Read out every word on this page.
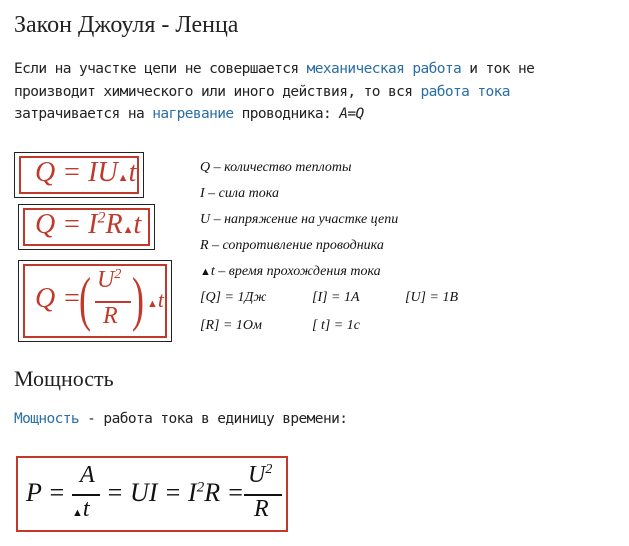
Закон Джоуля - Ленца
Если на участке цепи не совершается механическая работа и ток не производит химического или иного действия, то вся работа тока затрачивается на нагревание проводника: A=Q
Q = IU▲t
$Q = I^2R▲t$
Q =
( $U^2$
R ) ▲t
Q – количество теплоты
I – сила тока
U – напряжение на участке цепи
R – сопротивление проводника
▲t – время прохождения тока
[Q] = 1Дж	[I] = 1A	[U] = 1B
[R] = 1Ом	[ t] = 1c
Мощность
Мощность - работа тока в единицу времени:
P =
A
▲t
= UI = $I^2R$ =
$U^2$
R
